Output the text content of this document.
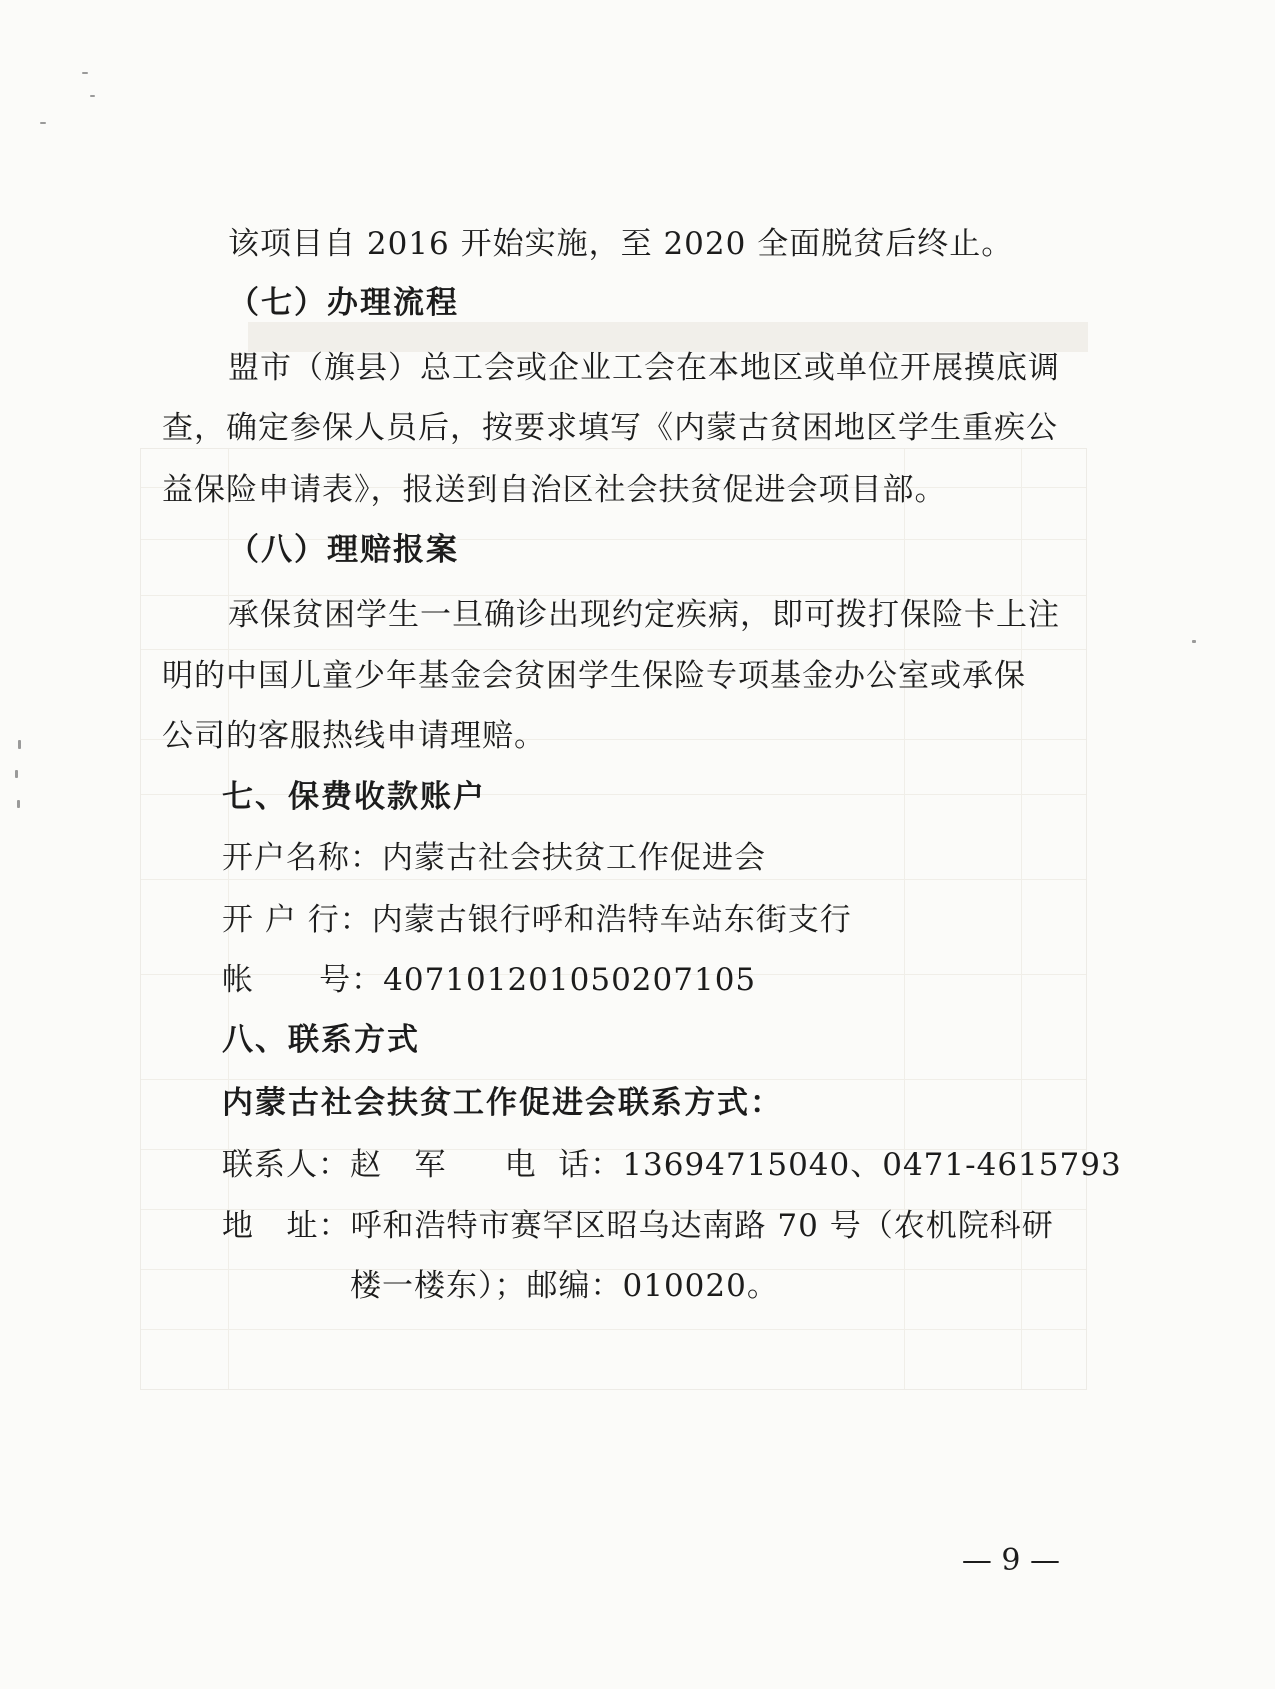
该项目自 2016 开始实施，至 2020 全面脱贫后终止。
（七）办理流程
盟市（旗县）总工会或企业工会在本地区或单位开展摸底调
查，确定参保人员后，按要求填写《内蒙古贫困地区学生重疾公
益保险申请表》，报送到自治区社会扶贫促进会项目部。
（八）理赔报案
承保贫困学生一旦确诊出现约定疾病，即可拨打保险卡上注
明的中国儿童少年基金会贫困学生保险专项基金办公室或承保
公司的客服热线申请理赔。
七、保费收款账户
开户名称：内蒙古社会扶贫工作促进会
开 户 行：内蒙古银行呼和浩特车站东街支行
帐      号：407101201050207105
八、联系方式
内蒙古社会扶贫工作促进会联系方式：
联系人：赵   军 电  话：13694715040、0471-4615793
地   址：呼和浩特市赛罕区昭乌达南路 70 号（农机院科研
楼一楼东）；邮编：010020。
— 9 —
